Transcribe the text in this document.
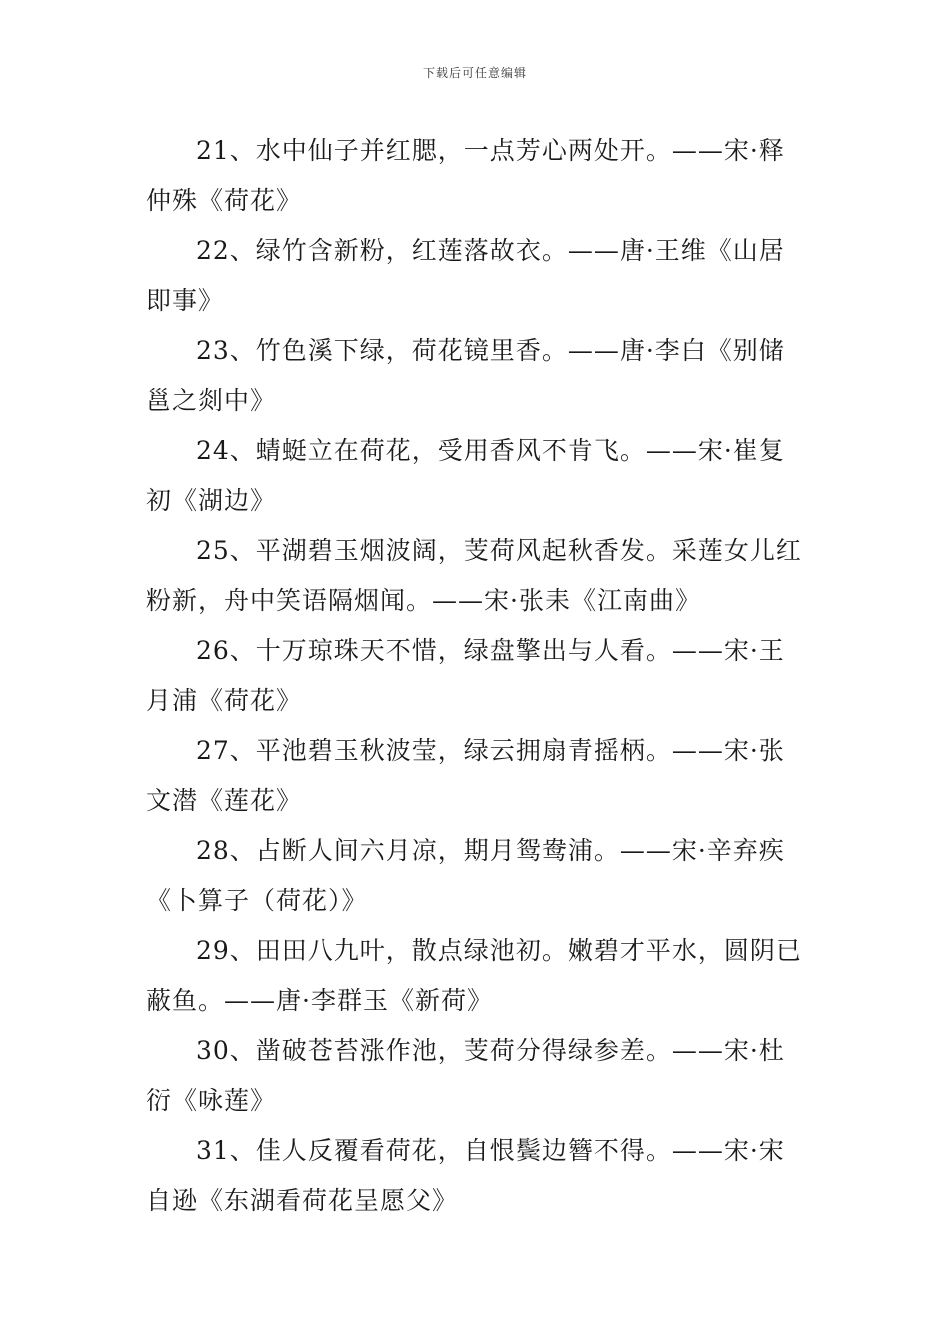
下载后可任意编辑

21、水中仙子并红腮，一点芳心两处开。——宋·释仲殊《荷花》

22、绿竹含新粉，红莲落故衣。——唐·王维《山居即事》

23、竹色溪下绿，荷花镜里香。——唐·李白《别储邕之剡中》

24、蜻蜓立在荷花，受用香风不肯飞。——宋·崔复初《湖边》

25、平湖碧玉烟波阔，芰荷风起秋香发。采莲女儿红粉新，舟中笑语隔烟闻。——宋·张耒《江南曲》

26、十万琼珠天不惜，绿盘擎出与人看。——宋·王月浦《荷花》

27、平池碧玉秋波莹，绿云拥扇青摇柄。——宋·张文潜《莲花》

28、占断人间六月凉，期月鸳鸯浦。——宋·辛弃疾《卜算子（荷花）》

29、田田八九叶，散点绿池初。嫩碧才平水，圆阴已蔽鱼。——唐·李群玉《新荷》

30、凿破苍苔涨作池，芰荷分得绿参差。——宋·杜衍《咏莲》

31、佳人反覆看荷花，自恨鬓边簪不得。——宋·宋自逊《东湖看荷花呈愿父》
